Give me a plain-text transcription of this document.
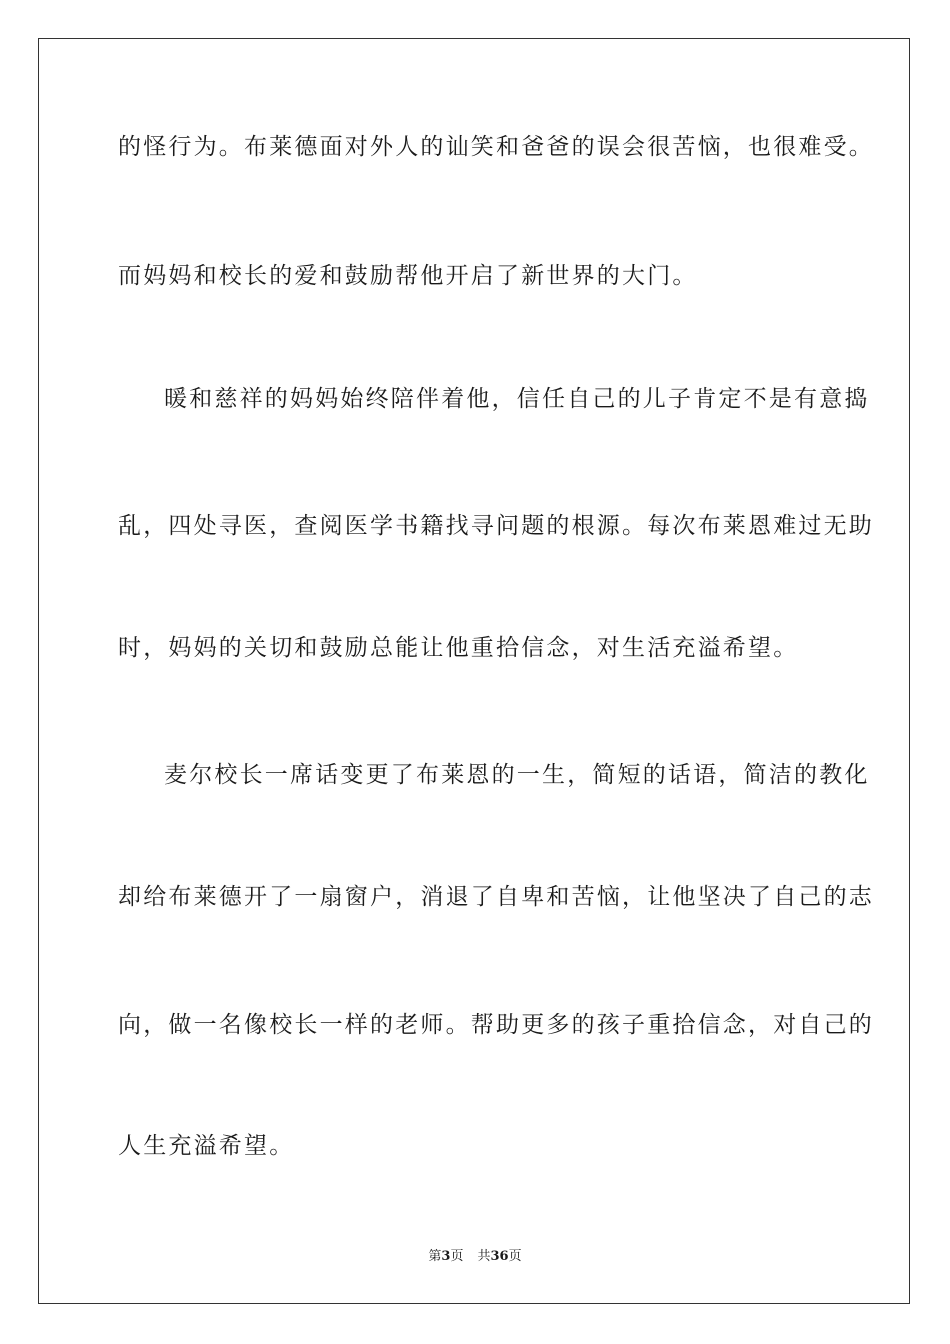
的怪行为。布莱德面对外人的讪笑和爸爸的误会很苦恼，也很难受。
而妈妈和校长的爱和鼓励帮他开启了新世界的大门。
暖和慈祥的妈妈始终陪伴着他，信任自己的儿子肯定不是有意捣
乱，四处寻医，查阅医学书籍找寻问题的根源。每次布莱恩难过无助
时，妈妈的关切和鼓励总能让他重拾信念，对生活充溢希望。
麦尔校长一席话变更了布莱恩的一生，简短的话语，简洁的教化
却给布莱德开了一扇窗户，消退了自卑和苦恼，让他坚决了自己的志
向，做一名像校长一样的老师。帮助更多的孩子重拾信念，对自己的
人生充溢希望。
第3页 共36页
